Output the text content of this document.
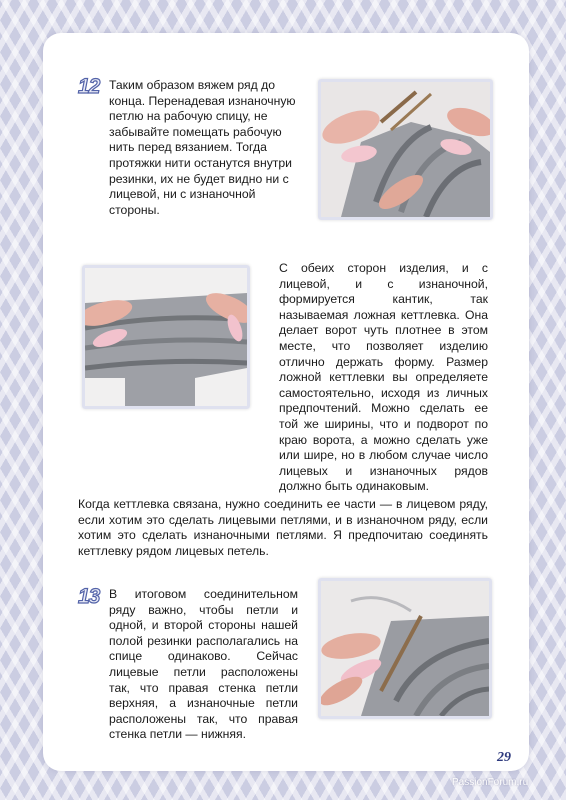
12 Таким образом вяжем ряд до конца. Перенадевая изнаночную петлю на рабочую спицу, не забывайте помещать рабочую нить перед вязанием. Тогда протяжки нити останутся внутри резинки, их не будет видно ни с лицевой, ни с изнаночной стороны.

С обеих сторон изделия, и с лицевой, и с изнаночной, формируется кантик, так называемая ложная кеттлевка. Она делает ворот чуть плотнее в этом месте, что позволяет изделию отлично держать форму. Размер ложной кеттлевки вы определяете самостоятельно, исходя из личных предпочтений. Можно сделать ее той же ширины, что и подворот по краю ворота, а можно сделать уже или шире, но в любом случае число лицевых и изнаночных рядов должно быть одинаковым.

Когда кеттлевка связана, нужно соединить ее части — в лицевом ряду, если хотим это сделать лицевыми петлями, и в изнаночном ряду, если хотим это сделать изнаночными петлями. Я предпочитаю соединять кеттлевку рядом лицевых петель.

13 В итоговом соединительном ряду важно, чтобы петли и одной, и второй стороны нашей полой резинки располагались на спице одинаково. Сейчас лицевые петли расположены так, что правая стенка петли верхняя, а изнаночные петли расположены так, что правая стенка петли — нижняя.

29
PassionForum.ru
